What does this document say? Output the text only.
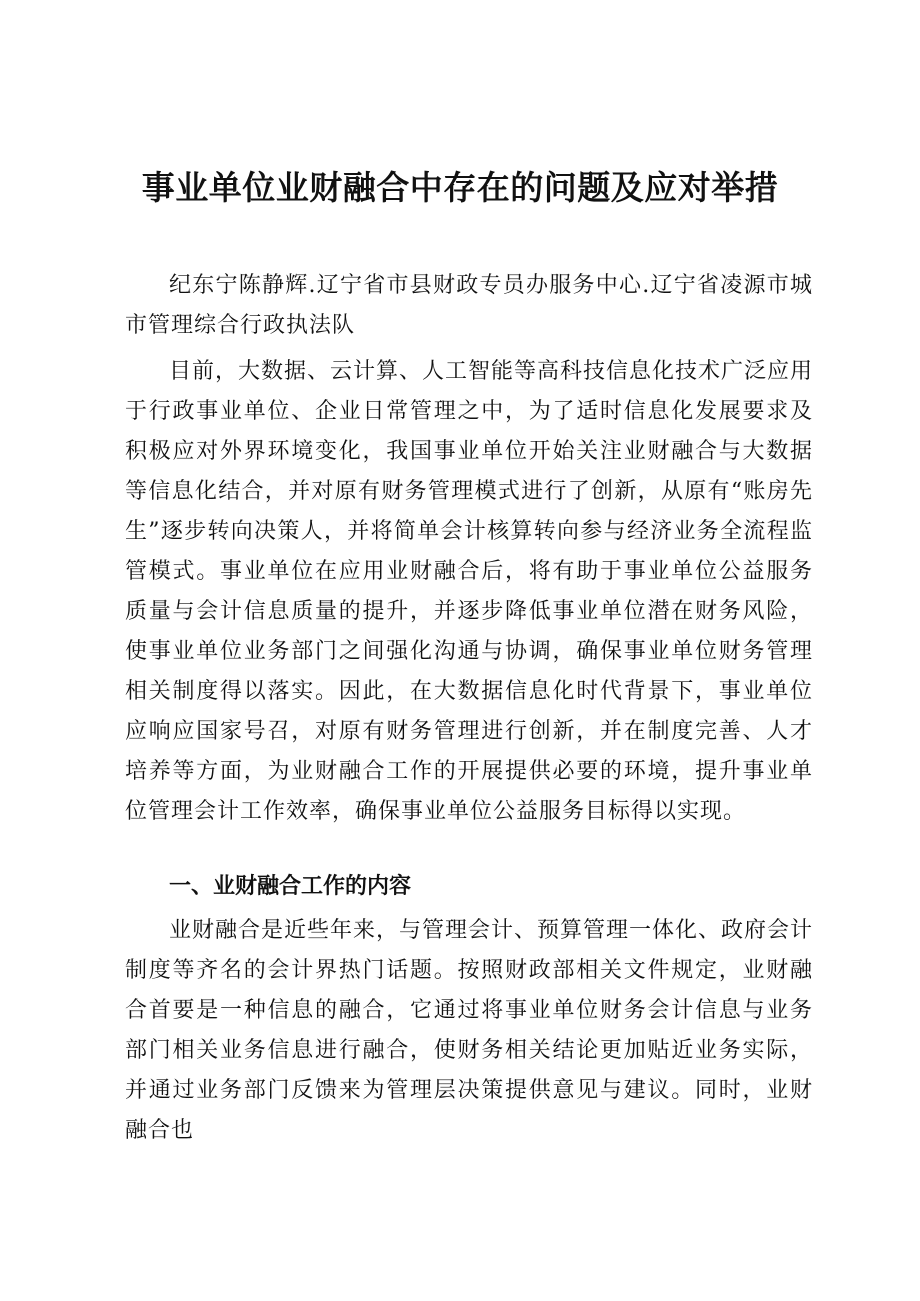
事业单位业财融合中存在的问题及应对举措

纪东宁陈静辉.辽宁省市县财政专员办服务中心.辽宁省凌源市城市管理综合行政执法队

目前，大数据、云计算、人工智能等高科技信息化技术广泛应用于行政事业单位、企业日常管理之中，为了适时信息化发展要求及积极应对外界环境变化，我国事业单位开始关注业财融合与大数据等信息化结合，并对原有财务管理模式进行了创新，从原有“账房先生”逐步转向决策人，并将简单会计核算转向参与经济业务全流程监管模式。事业单位在应用业财融合后，将有助于事业单位公益服务质量与会计信息质量的提升，并逐步降低事业单位潜在财务风险，使事业单位业务部门之间强化沟通与协调，确保事业单位财务管理相关制度得以落实。因此，在大数据信息化时代背景下，事业单位应响应国家号召，对原有财务管理进行创新，并在制度完善、人才培养等方面，为业财融合工作的开展提供必要的环境，提升事业单位管理会计工作效率，确保事业单位公益服务目标得以实现。

一、业财融合工作的内容

业财融合是近些年来，与管理会计、预算管理一体化、政府会计制度等齐名的会计界热门话题。按照财政部相关文件规定，业财融合首要是一种信息的融合，它通过将事业单位财务会计信息与业务部门相关业务信息进行融合，使财务相关结论更加贴近业务实际，并通过业务部门反馈来为管理层决策提供意见与建议。同时，业财融合也
